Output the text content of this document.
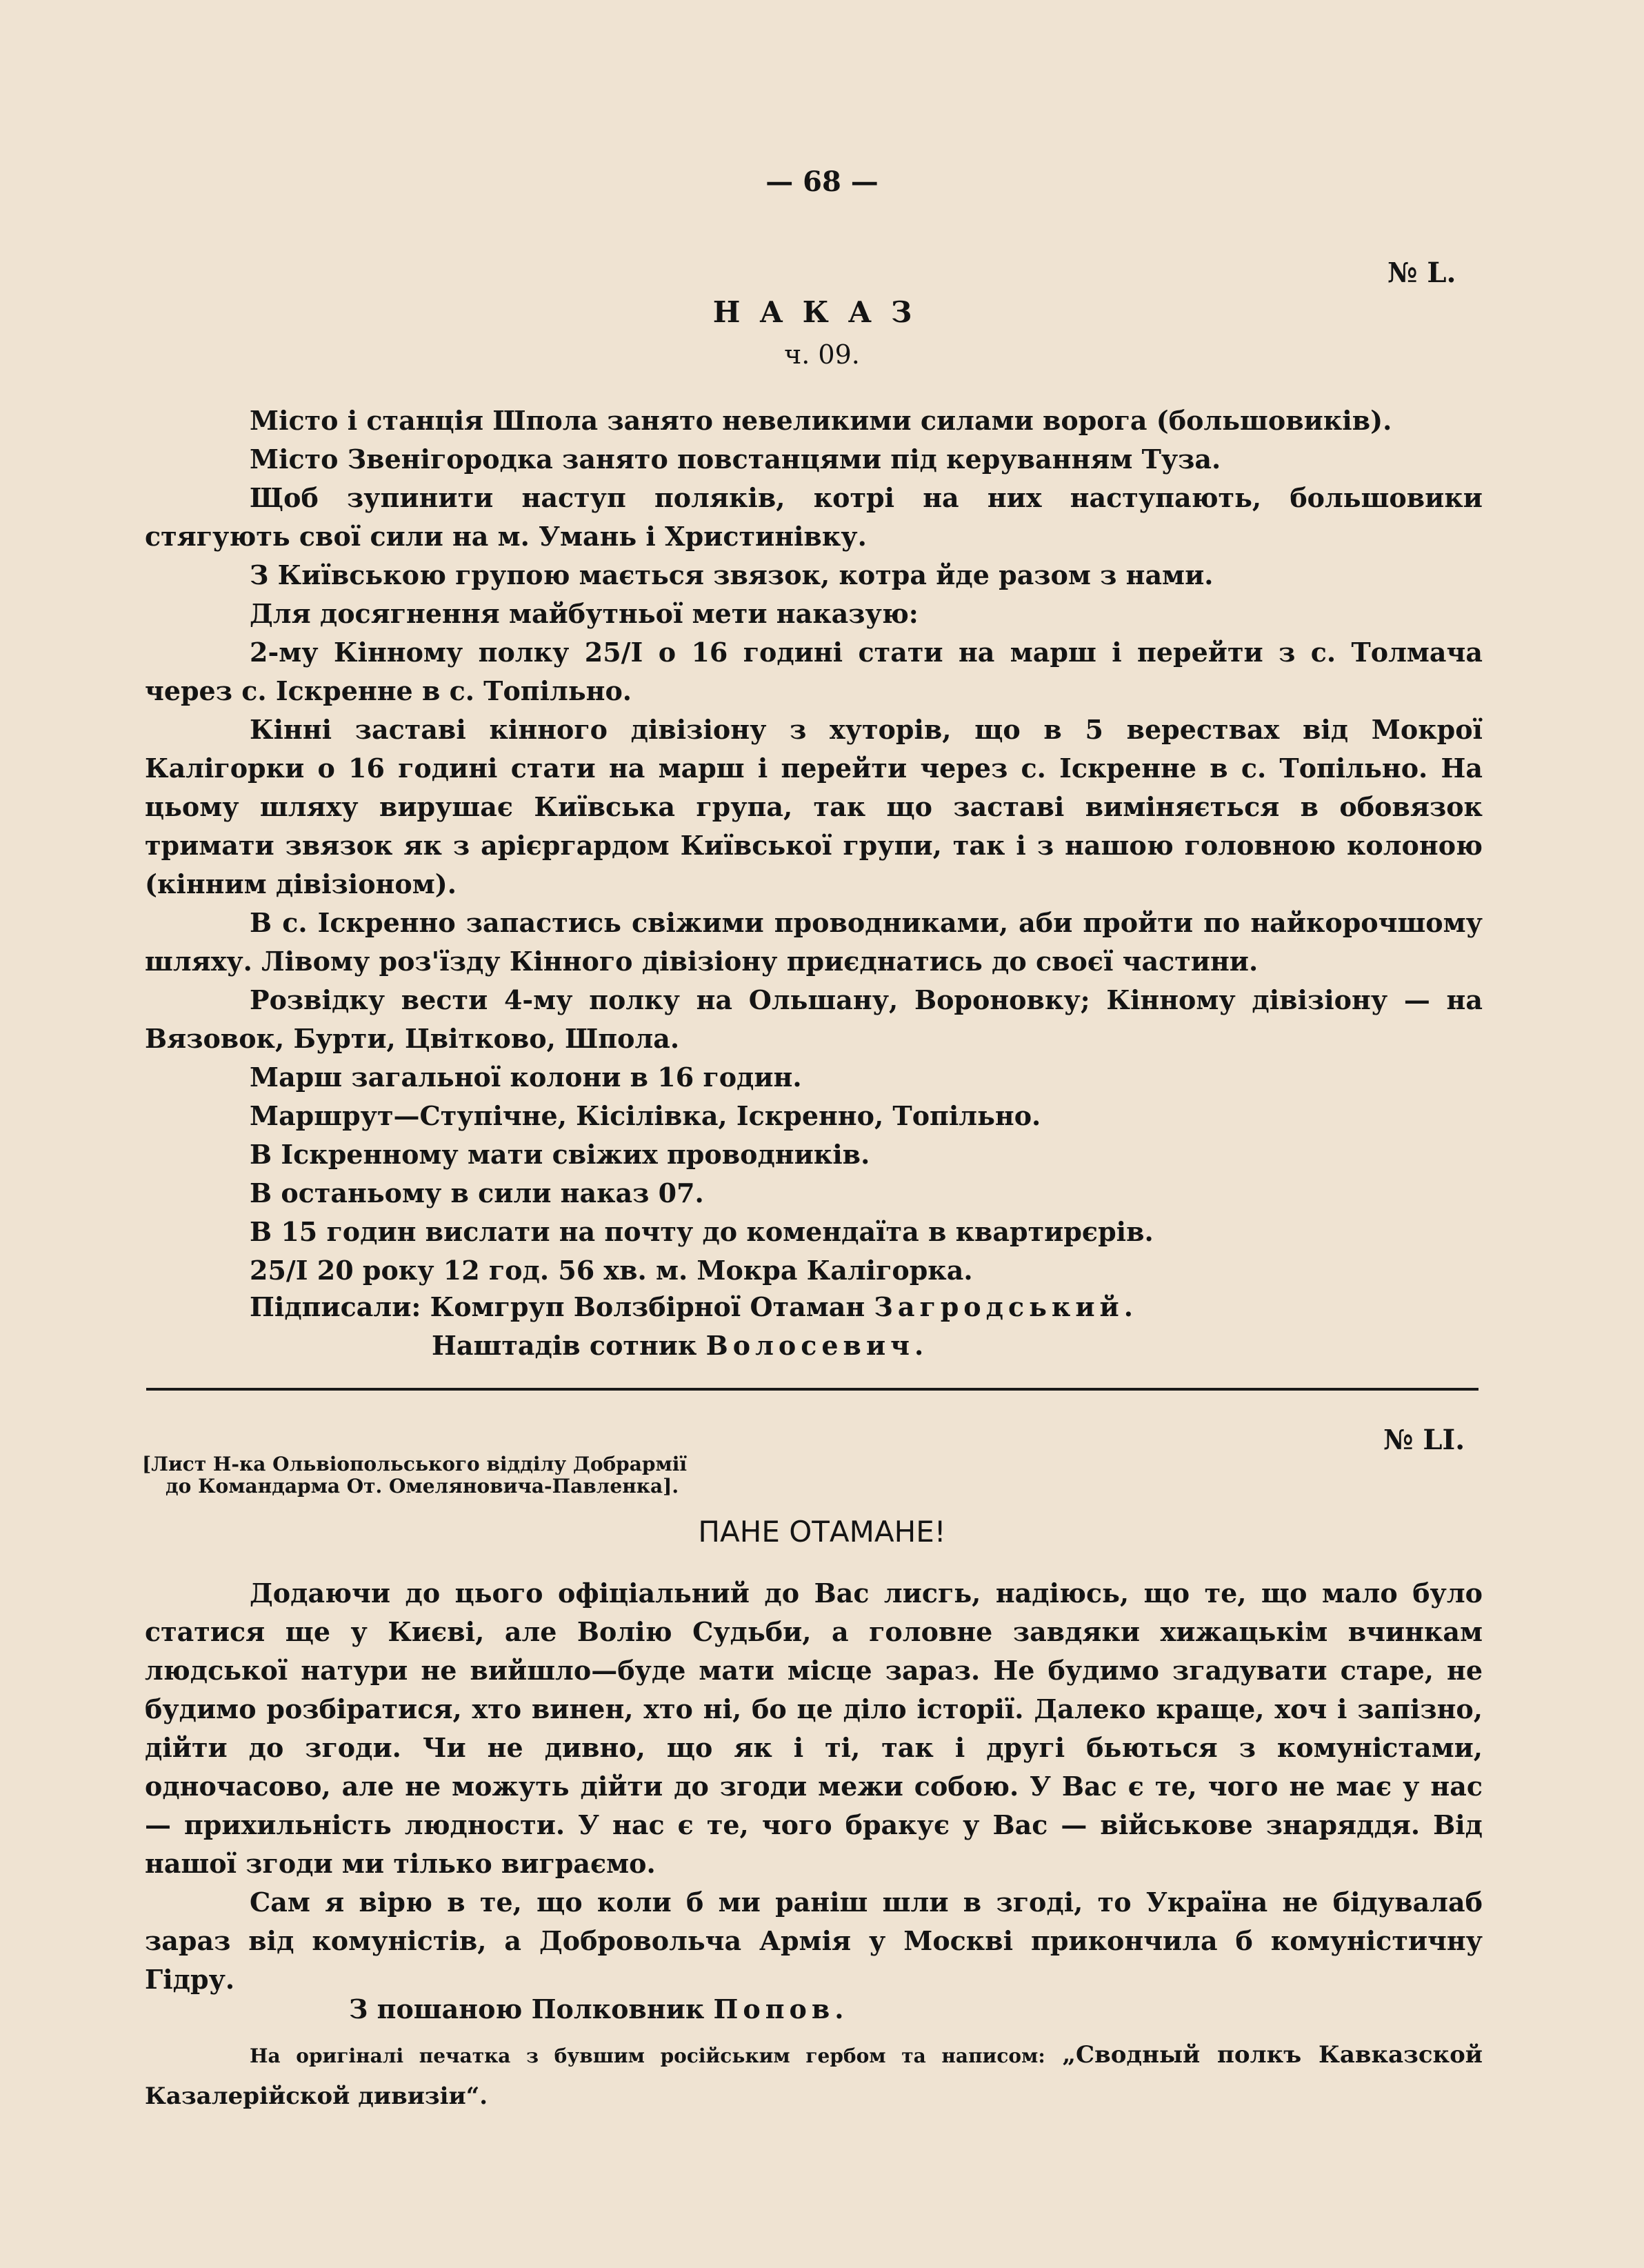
— 68 —
№ L.
НАКАЗ
ч. 09.

Місто і станція Шпола занято невеликими силами ворога (большовиків).

Місто Звенігородка занято повстанцями під керуванням Туза.

Щоб зупинити наступ поляків, котрі на них наступають, большовики стягують свої сили на м. Умань і Христинівку.

З Київською групою мається звязок, котра йде разом з нами.

Для досягнення майбутньої мети наказую:

2-му Кінному полку 25/І о 16 годині стати на марш і перейти з с. Толмача через с. Іскренне в с. Топільно.

Кінні заставі кінного дівізіону з хуторів, що в 5 верествах від Мокрої Калігорки о 16 годині стати на марш і перейти через с. Іскренне в с. Топільно. На цьому шляху вирушає Київська група, так що заставі виміняється в обовязок тримати звязок як з арієргардом Київської групи, так і з нашою головною колоною (кінним дівізіоном).

В с. Іскренно запастись свіжими проводниками, аби пройти по найкорочшому шляху. Лівому роз'їзду Кінного дівізіону приєднатись до своєї частини.

Розвідку вести 4-му полку на Ольшану, Вороновку; Кінному дівізіону — на Вязовок, Бурти, Цвітково, Шпола.

Марш загальної колони в 16 годин.

Маршрут—Ступічне, Кісілівка, Іскренно, Топільно.

В Іскренному мати свіжих проводників.

В останьому в сили наказ 07.

В 15 годин вислати на почту до комендаїта в квартирєрів.

25/І 20 року 12 год. 56 хв. м. Мокра Калігорка.

Підписали: Комгруп Волзбірної Отаман Загродський.
Наштадів сотник Волосевич.
№ LI.
[Лист Н-ка Ольвіопольського відділу Добрармії
до Командарма От. Омеляновича-Павленка].
ПАНЕ ОТАМАНЕ!

Додаючи до цього офіціальний до Вас лисгь, надіюсь, що те, що мало було статися ще у Києві, але Волію Судьби, а головне завдяки хижацькім вчинкам людської натури не вийшло—буде мати місце зараз. Не будимо згадувати старе, не будимо розбіратися, хто винен, хто ні, бо це діло історії. Далеко краще, хоч і запізно, дійти до згоди. Чи не дивно, що як і ті, так і другі бьються з комуністами, одночасово, але не можуть дійти до згоди межи собою. У Вас є те, чого не має у нас — прихильність людности. У нас є те, чого бракує у Вас — військове знаряддя. Від нашої згоди ми тілько виграємо.

Сам я вірю в те, що коли б ми раніш шли в згоді, то Україна не бідувалаб зараз від комуністів, а Добровольча Армія у Москві прикончила б комуністичну Гідру.

З пошаною Полковник Попов.

На оригіналі печатка з бувшим російським гербом та написом: „Сводный полкъ Кавказской Казалерійской дивизіи“.
